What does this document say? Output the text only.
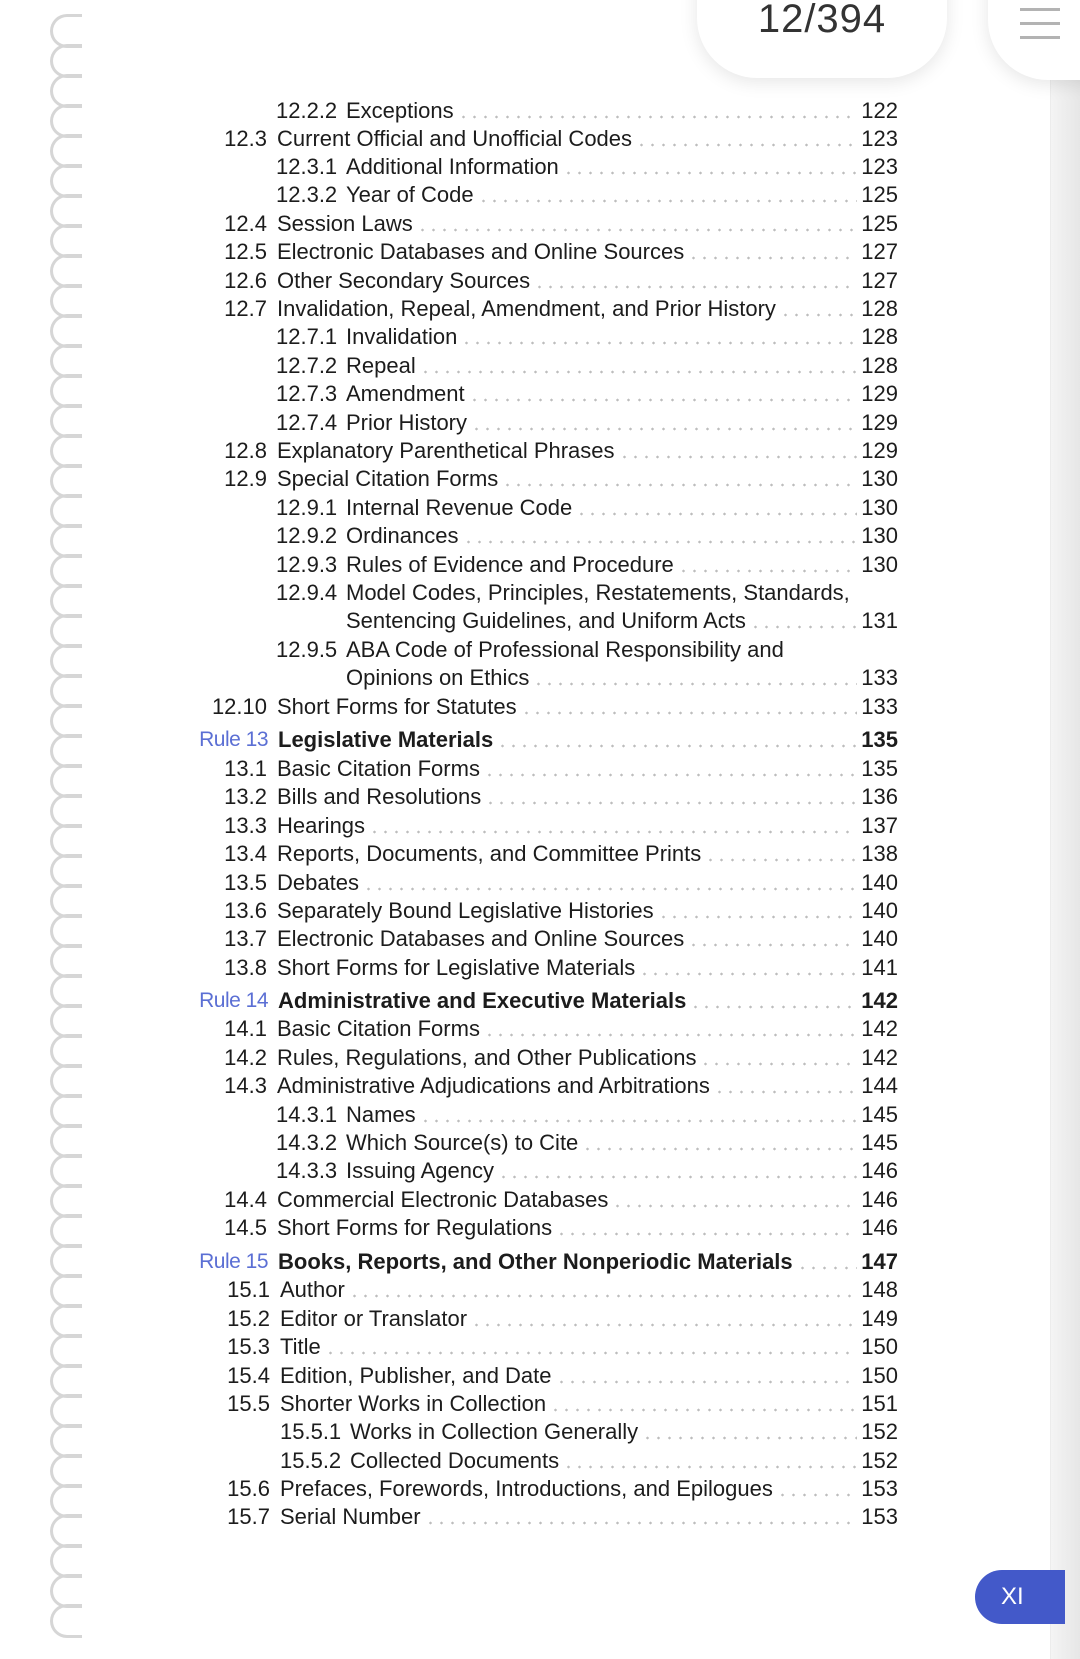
12.2.2 Exceptions	122
12.3 Current Official and Unofficial Codes	123
12.3.1 Additional Information	123
12.3.2 Year of Code	125
12.4 Session Laws	125
12.5 Electronic Databases and Online Sources	127
12.6 Other Secondary Sources	127
12.7 Invalidation, Repeal, Amendment, and Prior History	128
12.7.1 Invalidation	128
12.7.2 Repeal	128
12.7.3 Amendment	129
12.7.4 Prior History	129
12.8 Explanatory Parenthetical Phrases	129
12.9 Special Citation Forms	130
12.9.1 Internal Revenue Code	130
12.9.2 Ordinances	130
12.9.3 Rules of Evidence and Procedure	130
12.9.4 Model Codes, Principles, Restatements, Standards,
Sentencing Guidelines, and Uniform Acts	131
12.9.5 ABA Code of Professional Responsibility and
Opinions on Ethics	133
12.10 Short Forms for Statutes	133
Rule 13 Legislative Materials	135
13.1 Basic Citation Forms	135
13.2 Bills and Resolutions	136
13.3 Hearings	137
13.4 Reports, Documents, and Committee Prints	138
13.5 Debates	140
13.6 Separately Bound Legislative Histories	140
13.7 Electronic Databases and Online Sources	140
13.8 Short Forms for Legislative Materials	141
Rule 14 Administrative and Executive Materials	142
14.1 Basic Citation Forms	142
14.2 Rules, Regulations, and Other Publications	142
14.3 Administrative Adjudications and Arbitrations	144
14.3.1 Names	145
14.3.2 Which Source(s) to Cite	145
14.3.3 Issuing Agency	146
14.4 Commercial Electronic Databases	146
14.5 Short Forms for Regulations	146
Rule 15 Books, Reports, and Other Nonperiodic Materials	147
15.1 Author	148
15.2 Editor or Translator	149
15.3 Title	150
15.4 Edition, Publisher, and Date	150
15.5 Shorter Works in Collection	151
15.5.1 Works in Collection Generally	152
15.5.2 Collected Documents	152
15.6 Prefaces, Forewords, Introductions, and Epilogues	153
15.7 Serial Number	153
12/394
XI
